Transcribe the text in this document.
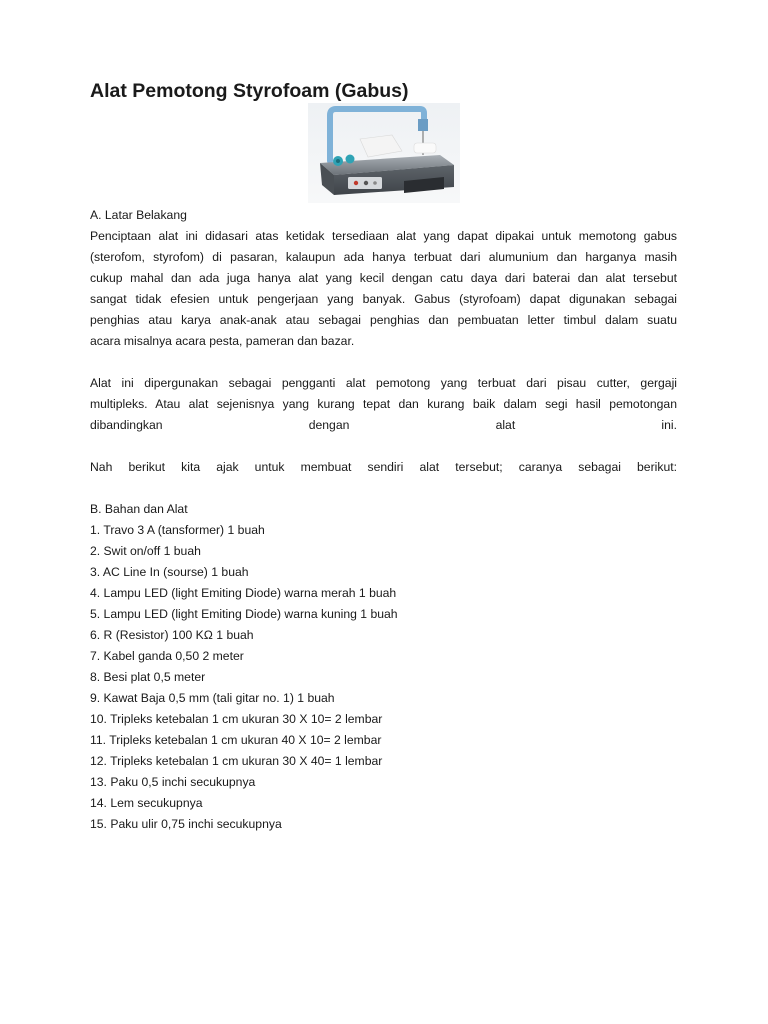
Alat Pemotong Styrofoam (Gabus)

A. Latar Belakang

Penciptaan alat ini didasari atas ketidak tersediaan alat yang dapat dipakai untuk memotong gabus

(sterofom, styrofom) di pasaran, kalaupun ada hanya terbuat dari alumunium dan harganya masih

cukup mahal dan ada juga hanya alat yang kecil dengan catu daya dari baterai dan alat tersebut

sangat tidak efesien untuk pengerjaan yang banyak. Gabus (styrofoam) dapat digunakan sebagai

penghias atau karya anak-anak atau sebagai penghias dan pembuatan letter timbul dalam suatu

acara misalnya acara pesta, pameran dan bazar.

Alat ini dipergunakan sebagai pengganti alat pemotong yang terbuat dari pisau cutter, gergaji

multipleks. Atau alat sejenisnya yang kurang tepat dan kurang baik dalam segi hasil pemotongan

dibandingkan dengan alat ini.

Nah berikut kita ajak untuk membuat sendiri alat tersebut; caranya sebagai berikut:

B. Bahan dan Alat

1. Travo 3 A (tansformer) 1 buah
2. Swit on/off 1 buah
3. AC Line In (sourse) 1 buah
4. Lampu LED (light Emiting Diode) warna merah 1 buah
5. Lampu LED (light Emiting Diode) warna kuning 1 buah
6. R (Resistor) 100 KΩ 1 buah
7. Kabel ganda 0,50 2 meter
8. Besi plat 0,5 meter
9. Kawat Baja 0,5 mm (tali gitar no. 1) 1 buah
10. Tripleks ketebalan 1 cm ukuran 30 X 10= 2 lembar
11. Tripleks ketebalan 1 cm ukuran 40 X 10= 2 lembar
12. Tripleks ketebalan 1 cm ukuran 30 X 40= 1 lembar
13. Paku 0,5 inchi secukupnya
14. Lem secukupnya
15. Paku ulir 0,75 inchi secukupnya
